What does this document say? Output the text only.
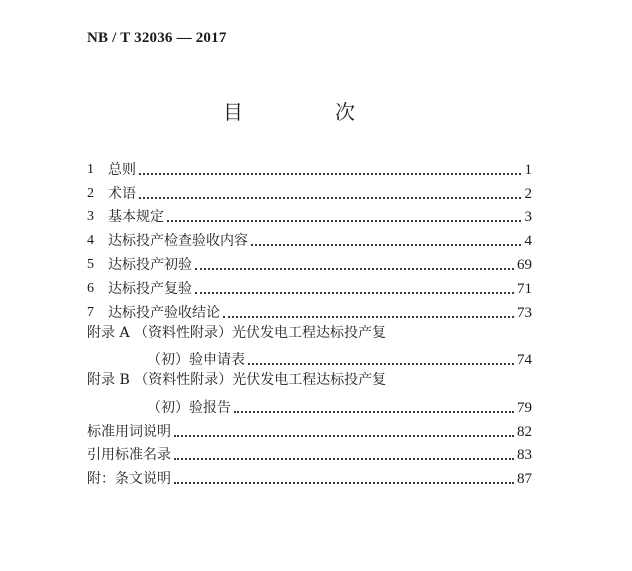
NB / T 32036 — 2017
目　次
1	总则	1
2	术语	2
3	基本规定	3
4	达标投产检查验收内容	4
5	达标投产初验	69
6	达标投产复验	71
7	达标投产验收结论	73
附录 A （资料性附录）光伏发电工程达标投产复
（初）验申请表	74
附录 B （资料性附录）光伏发电工程达标投产复
（初）验报告	79
标准用词说明	82
引用标准名录	83
附：条文说明	87
